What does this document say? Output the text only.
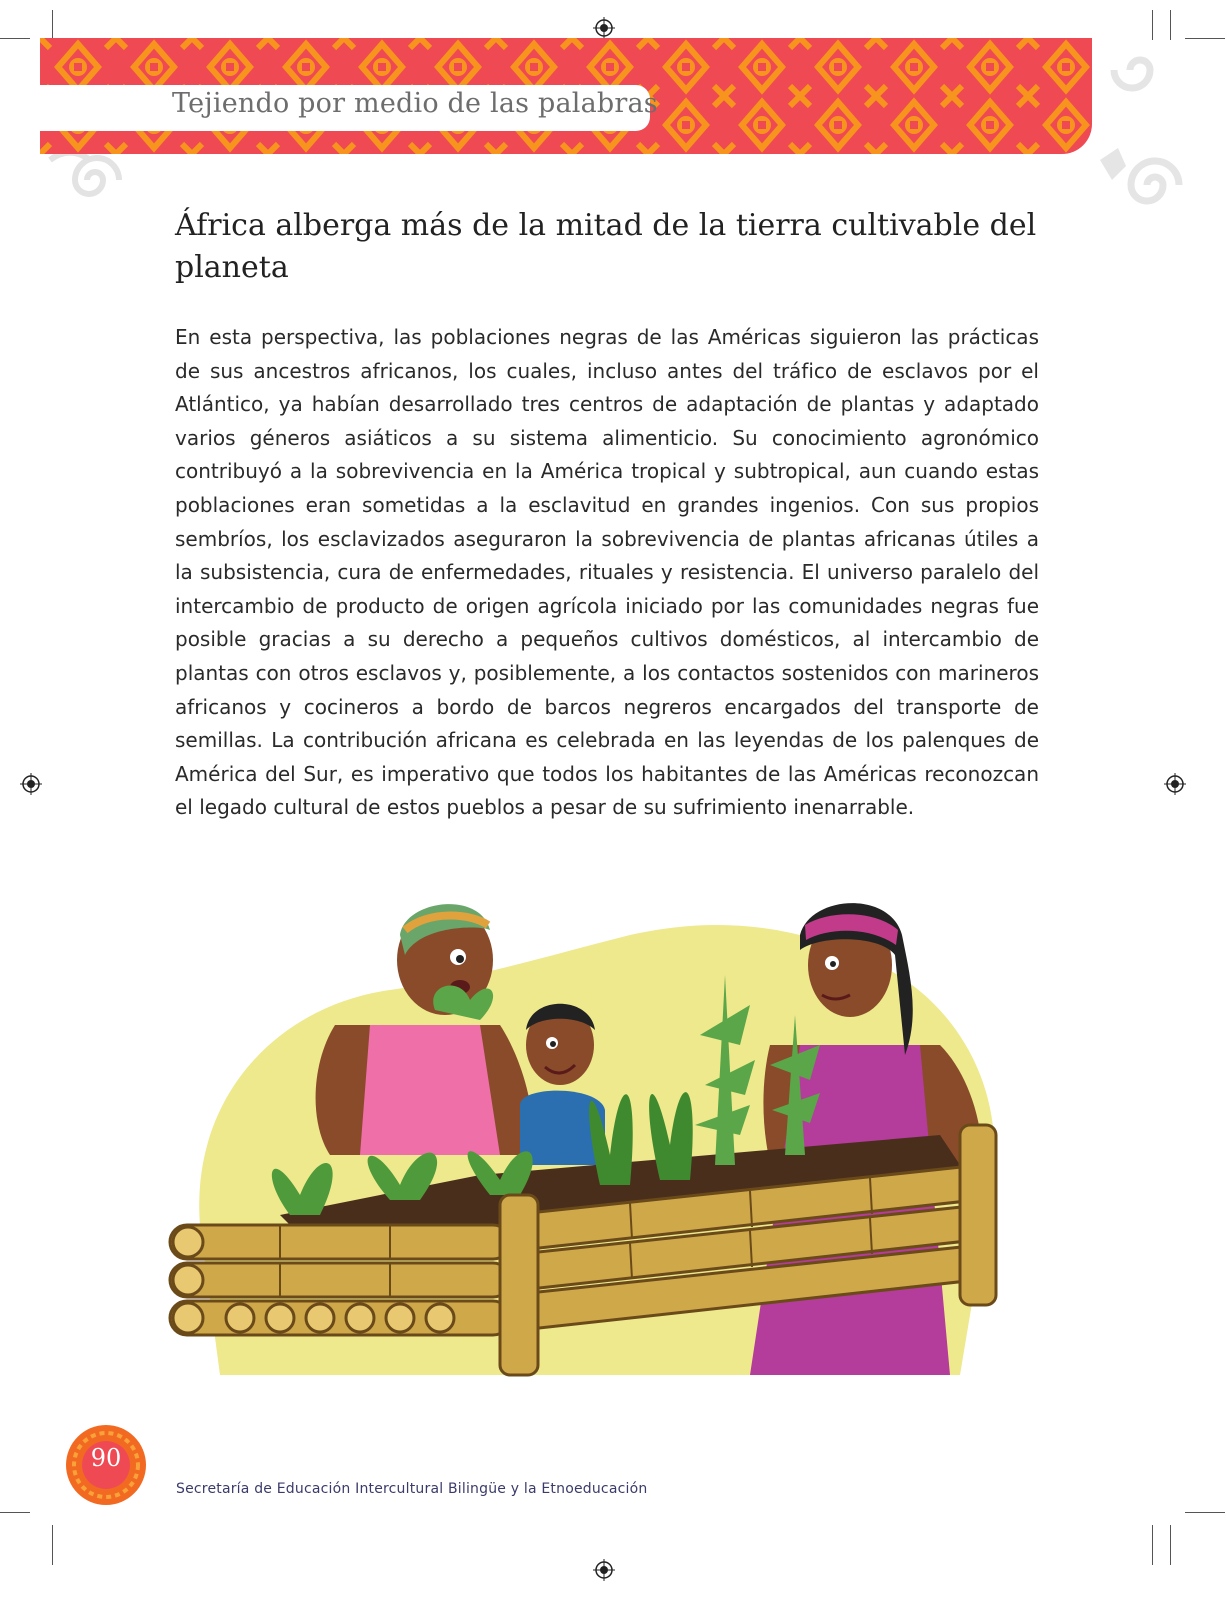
Tejiendo por medio de las palabras
África alberga más de la mitad de la tierra cultivable del planeta

En esta perspectiva, las poblaciones negras de las Américas siguieron las prácticas de sus ancestros africanos, los cuales, incluso antes del tráfico de esclavos por el Atlántico, ya habían desarrollado tres centros de adaptación de plantas y adaptado varios géneros asiáticos a su sistema alimenticio. Su conocimiento agronómico contribuyó a la sobrevivencia en la América tropical y subtropical, aun cuando estas poblaciones eran sometidas a la esclavitud en grandes ingenios. Con sus propios sembríos, los esclavizados aseguraron la sobrevivencia de plantas africanas útiles a la subsistencia, cura de enfermedades, rituales y resistencia. El universo paralelo del intercambio de producto de origen agrícola iniciado por las comunidades negras fue posible gracias a su derecho a pequeños cultivos domésticos, al intercambio de plantas con otros esclavos y, posiblemente, a los contactos sostenidos con marineros africanos y cocineros a bordo de barcos negreros encargados del transporte de semillas. La contribución africana es celebrada en las leyendas de los palenques de América del Sur, es imperativo que todos los habitantes de las Américas reconozcan el legado cultural de estos pueblos a pesar de su sufrimiento inenarrable.

90
Secretaría de Educación Intercultural Bilingüe y la Etnoeducación
